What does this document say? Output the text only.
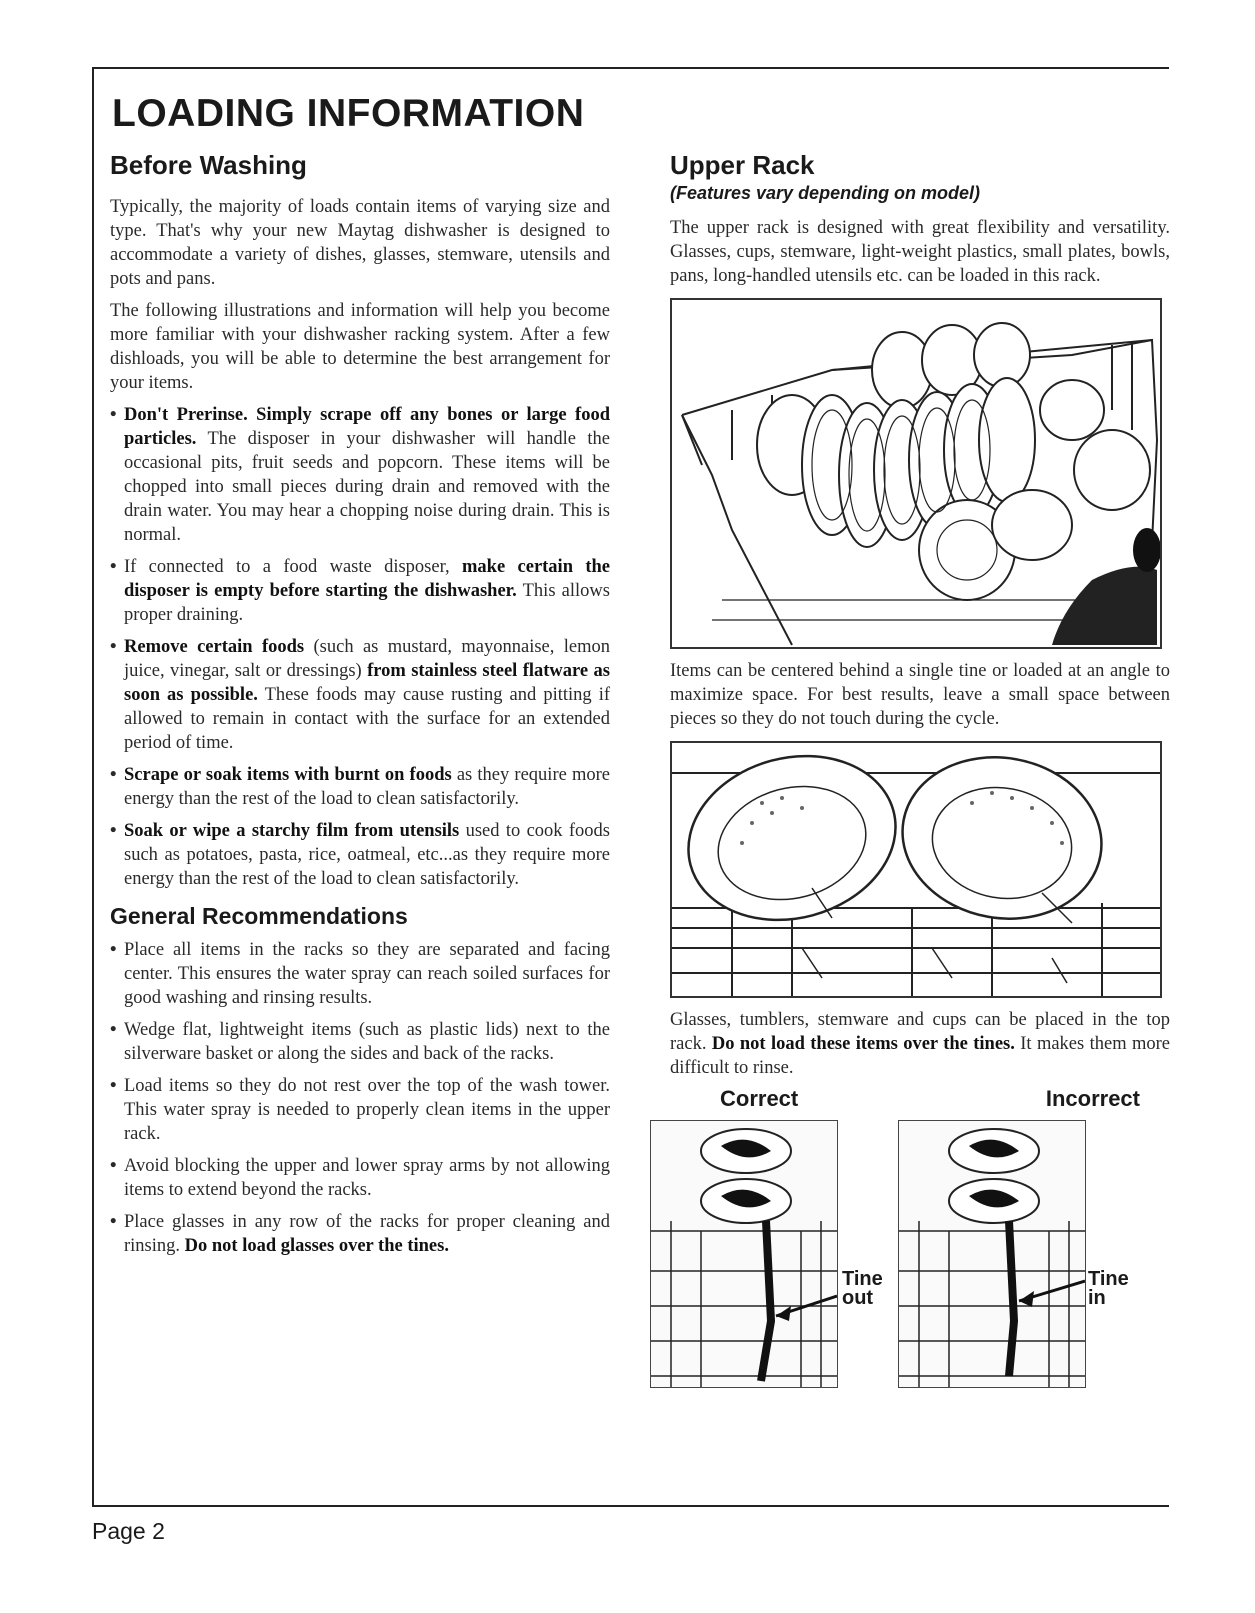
LOADING INFORMATION
Before Washing

Typically, the majority of loads contain items of varying size and type. That's why your new Maytag dishwasher is designed to accommodate a variety of dishes, glasses, stemware, utensils and pots and pans.

The following illustrations and information will help you become more familiar with your dishwasher racking system. After a few dishloads, you will be able to determine the best arrangement for your items.

• Don't Prerinse. Simply scrape off any bones or large food particles. The disposer in your dishwasher will handle the occasional pits, fruit seeds and popcorn. These items will be chopped into small pieces during drain and removed with the drain water. You may hear a chopping noise during drain. This is normal.
• If connected to a food waste disposer, make certain the disposer is empty before starting the dishwasher. This allows proper draining.
• Remove certain foods (such as mustard, mayonnaise, lemon juice, vinegar, salt or dressings) from stainless steel flatware as soon as possible. These foods may cause rusting and pitting if allowed to remain in contact with the surface for an extended period of time.
• Scrape or soak items with burnt on foods as they require more energy than the rest of the load to clean satisfactorily.
• Soak or wipe a starchy film from utensils used to cook foods such as potatoes, pasta, rice, oatmeal, etc...as they require more energy than the rest of the load to clean satisfactorily.
General Recommendations
• Place all items in the racks so they are separated and facing center. This ensures the water spray can reach soiled surfaces for good washing and rinsing results.
• Wedge flat, lightweight items (such as plastic lids) next to the silverware basket or along the sides and back of the racks.
• Load items so they do not rest over the top of the wash tower. This water spray is needed to properly clean items in the upper rack.
• Avoid blocking the upper and lower spray arms by not allowing items to extend beyond the racks.
• Place glasses in any row of the racks for proper cleaning and rinsing. Do not load glasses over the tines.
Upper Rack
(Features vary depending on model)

The upper rack is designed with great flexibility and versatility. Glasses, cups, stemware, light-weight plastics, small plates, bowls, pans, long-handled utensils etc. can be loaded in this rack.

Items can be centered behind a single tine or loaded at an angle to maximize space. For best results, leave a small space between pieces so they do not touch during the cycle.

Glasses, tumblers, stemware and cups can be placed in the top rack. Do not load these items over the tines. It makes them more difficult to rinse.

Correct	Incorrect
Tine out
Tine in
Page 2
